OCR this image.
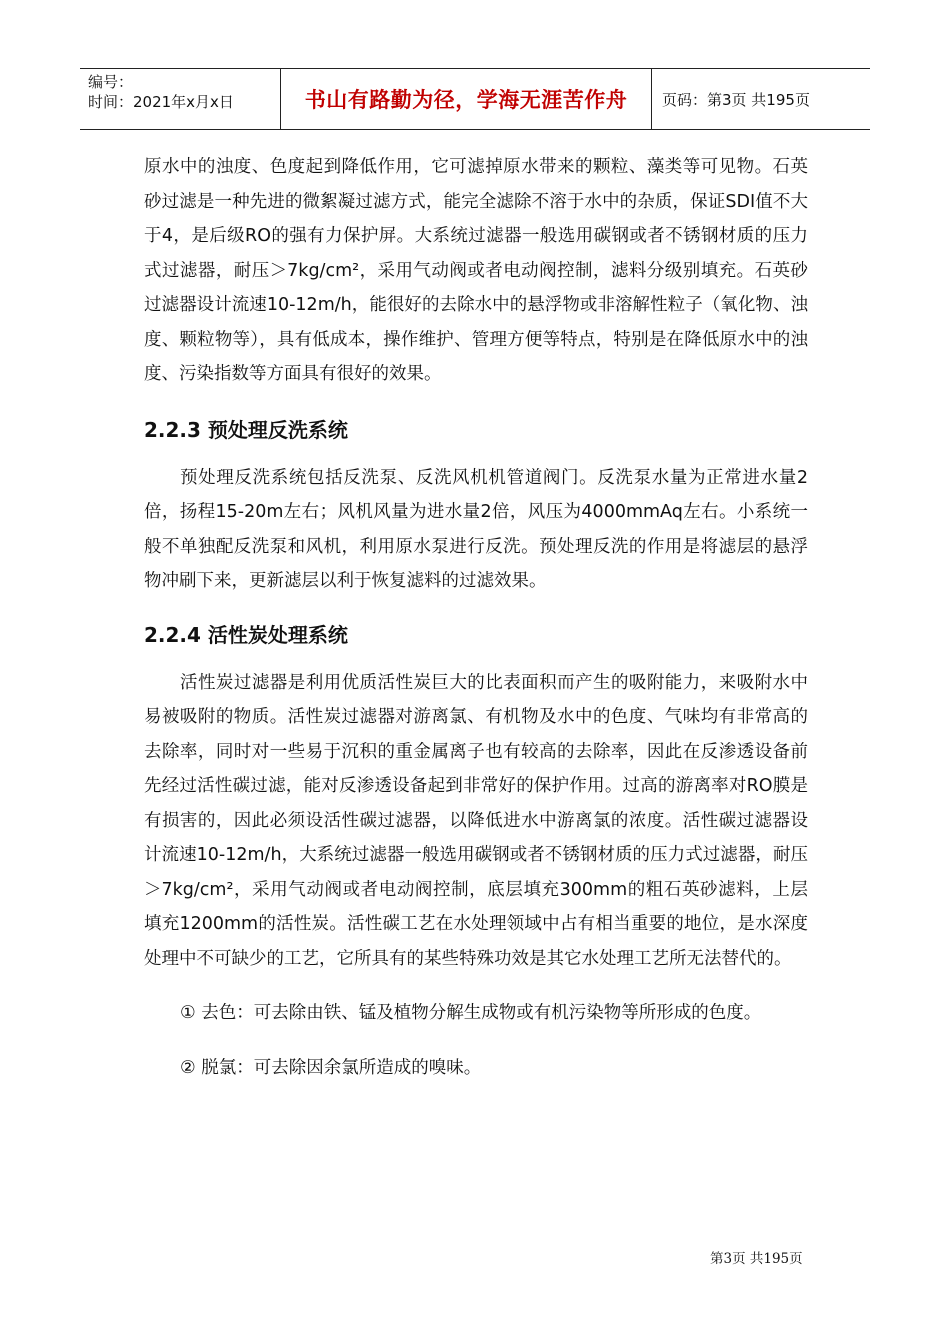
编号：
时间：2021年x月x日	书山有路勤为径，学海无涯苦作舟	页码：第3页 共195页

原水中的浊度、色度起到降低作用，它可滤掉原水带来的颗粒、藻类等可见物。石英砂过滤是一种先进的微絮凝过滤方式，能完全滤除不溶于水中的杂质，保证SDI值不大于4，是后级RO的强有力保护屏。大系统过滤器一般选用碳钢或者不锈钢材质的压力式过滤器，耐压＞7kg/cm²，采用气动阀或者电动阀控制，滤料分级别填充。石英砂过滤器设计流速10-12m/h，能很好的去除水中的悬浮物或非溶解性粒子（氧化物、浊度、颗粒物等），具有低成本，操作维护、管理方便等特点，特别是在降低原水中的浊度、污染指数等方面具有很好的效果。

2.2.3 预处理反洗系统

预处理反洗系统包括反洗泵、反洗风机机管道阀门。反洗泵水量为正常进水量2倍，扬程15-20m左右；风机风量为进水量2倍，风压为4000mmAq左右。小系统一般不单独配反洗泵和风机，利用原水泵进行反洗。预处理反洗的作用是将滤层的悬浮物冲刷下来，更新滤层以利于恢复滤料的过滤效果。

2.2.4 活性炭处理系统

活性炭过滤器是利用优质活性炭巨大的比表面积而产生的吸附能力，来吸附水中易被吸附的物质。活性炭过滤器对游离氯、有机物及水中的色度、气味均有非常高的去除率，同时对一些易于沉积的重金属离子也有较高的去除率，因此在反渗透设备前先经过活性碳过滤，能对反渗透设备起到非常好的保护作用。过高的游离率对RO膜是有损害的，因此必须设活性碳过滤器，以降低进水中游离氯的浓度。活性碳过滤器设计流速10-12m/h，大系统过滤器一般选用碳钢或者不锈钢材质的压力式过滤器，耐压＞7kg/cm²，采用气动阀或者电动阀控制，底层填充300mm的粗石英砂滤料，上层填充1200mm的活性炭。活性碳工艺在水处理领域中占有相当重要的地位，是水深度处理中不可缺少的工艺，它所具有的某些特殊功效是其它水处理工艺所无法替代的。

① 去色：可去除由铁、锰及植物分解生成物或有机污染物等所形成的色度。

② 脱氯：可去除因余氯所造成的嗅味。

第3页 共195页
